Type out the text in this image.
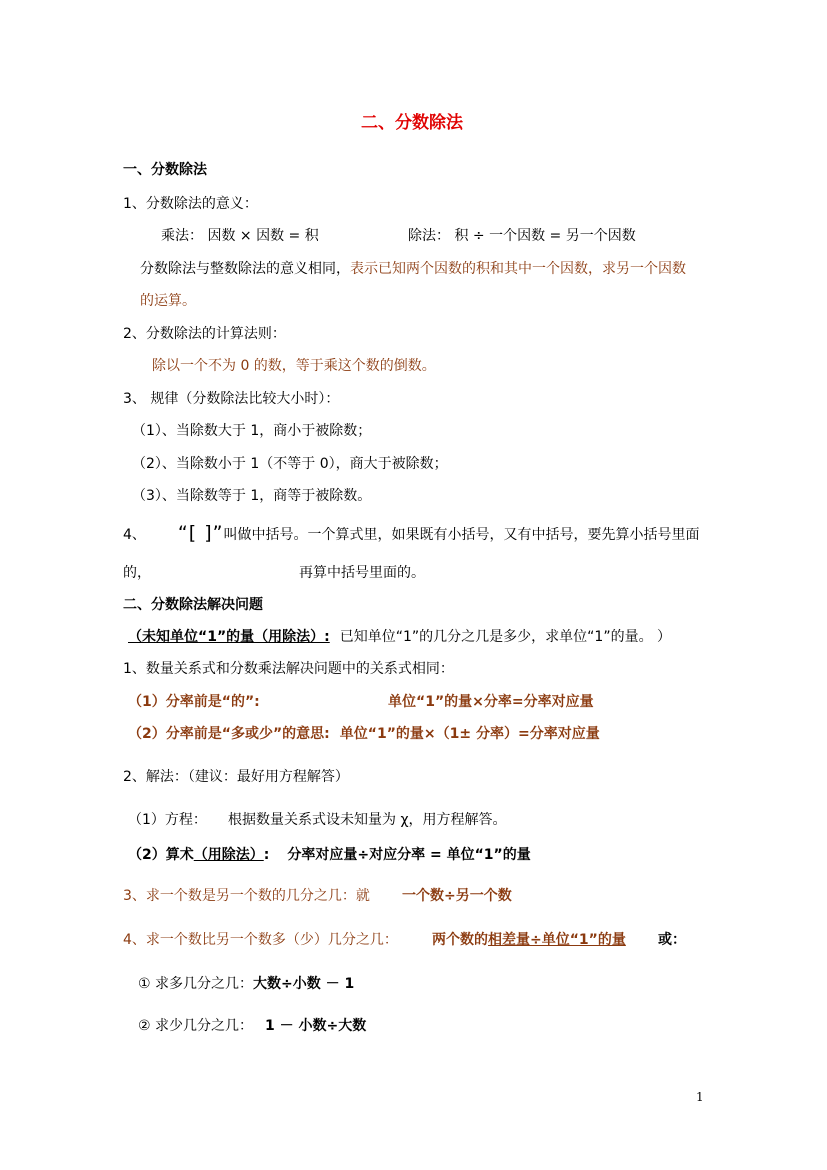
二、分数除法
一、分数除法
1、分数除法的意义：
乘法： 因数 × 因数 = 积	除法： 积 ÷ 一个因数 = 另一个因数
分数除法与整数除法的意义相同，表示已知两个因数的积和其中一个因数，求另一个因数
的运算。
2、分数除法的计算法则：
除以一个不为 0 的数，等于乘这个数的倒数。
3、 规律（分数除法比较大小时）：
（1）、当除数大于 1，商小于被除数；
（2）、当除数小于 1（不等于 0），商大于被除数；
（3）、当除数等于 1，商等于被除数。
4、 “[ ]”叫做中括号。一个算式里，如果既有小括号，又有中括号，要先算小括号里面
的，	再算中括号里面的。
二、分数除法解决问题
（未知单位“1”的量（用除法）: 已知单位“1”的几分之几是多少，求单位“1”的量。 ）
1、数量关系式和分数乘法解决问题中的关系式相同：
（1）分率前是“的”:	单位“1”的量×分率=分率对应量
（2）分率前是“多或少”的意思: 单位“1”的量×（1± 分率）=分率对应量
2、解法：（建议：最好用方程解答）
（1）方程： 根据数量关系式设未知量为 χ，用方程解答。
（2）算术（用除法）: 分率对应量÷对应分率 = 单位“1”的量
3、求一个数是另一个数的几分之几：就 一个数÷另一个数
4、求一个数比另一个数多（少）几分之几： 两个数的相差量÷单位“1”的量 或：
① 求多几分之几：大数÷小数 － 1
② 求少几分之几： 1 － 小数÷大数
1
